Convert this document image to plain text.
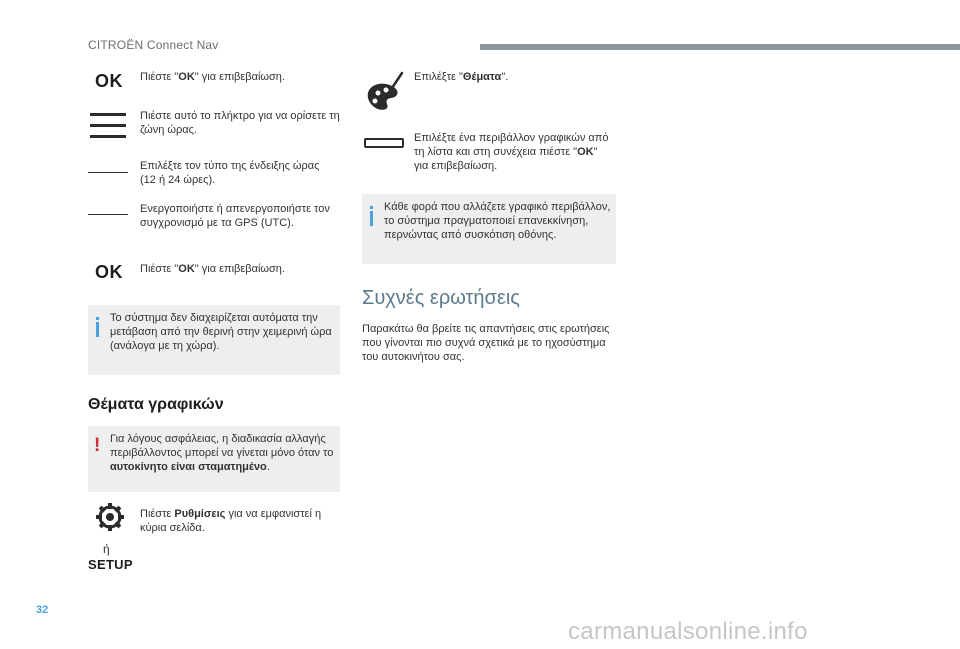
CITROËN Connect Nav
OK Πιέστε "OK" για επιβεβαίωση.
Πιέστε αυτό το πλήκτρο για να ορίσετε τη
ζώνη ώρας.
Επιλέξτε τον τύπο της ένδειξης ώρας
(12 ή 24 ώρες).
Ενεργοποιήστε ή απενεργοποιήστε τον
συγχρονισμό με τα GPS (UTC).
OK Πιέστε "OK" για επιβεβαίωση.
Το σύστημα δεν διαχειρίζεται αυτόματα την
μετάβαση από την θερινή στην χειμερινή ώρα
(ανάλογα με τη χώρα).
Θέματα γραφικών
! Για λόγους ασφάλειας, η διαδικασία αλλαγής
περιβάλλοντος μπορεί να γίνεται μόνο όταν το
αυτοκίνητο είναι σταματημένο.
Πιέστε Ρυθμίσεις για να εμφανιστεί η
κύρια σελίδα.
ή
SETUP
Επιλέξτε "Θέματα".
Επιλέξτε ένα περιβάλλον γραφικών από
τη λίστα και στη συνέχεια πιέστε "OK"
για επιβεβαίωση.
Κάθε φορά που αλλάζετε γραφικό περιβάλλον,
το σύστημα πραγματοποιεί επανεκκίνηση,
περνώντας από συσκότιση οθόνης.
Συχνές ερωτήσεις
Παρακάτω θα βρείτε τις απαντήσεις στις ερωτήσεις
που γίνονται πιο συχνά σχετικά με το ηχοσύστημα
του αυτοκινήτου σας.
32
carmanualsonline.info
